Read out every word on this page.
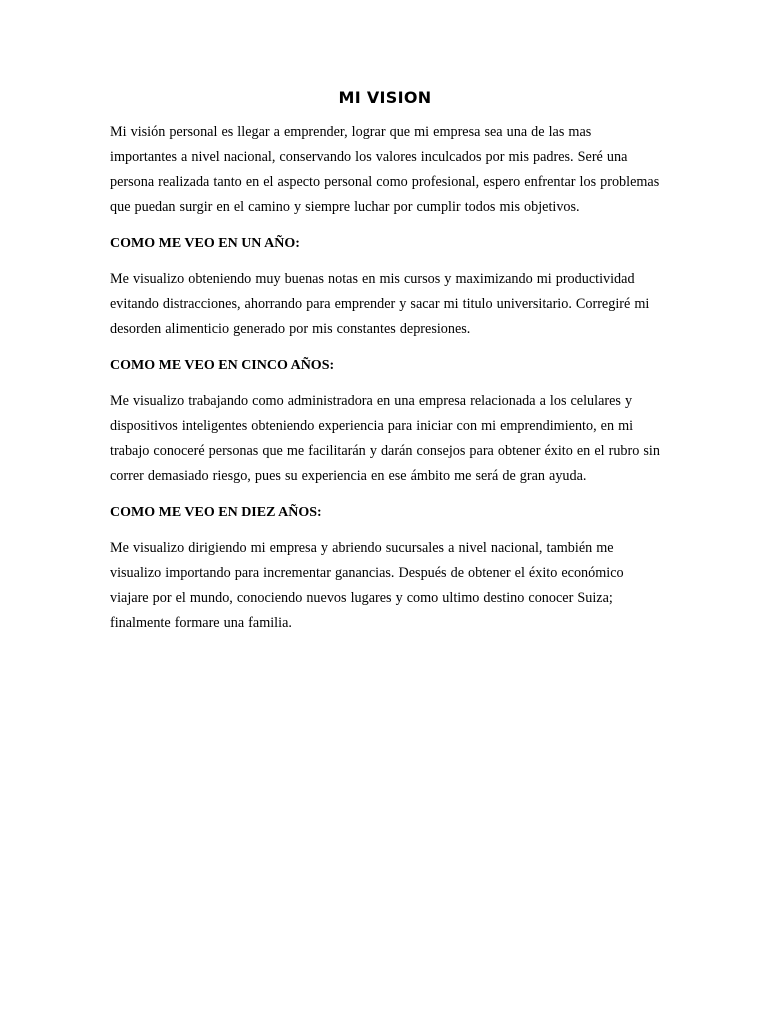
MI VISION

Mi visión personal es llegar a emprender, lograr que mi empresa sea una de las mas importantes a nivel nacional, conservando los valores inculcados por mis padres. Seré una persona realizada tanto en el aspecto personal como profesional, espero enfrentar los problemas que puedan surgir en el camino y siempre luchar por cumplir todos mis objetivos.

COMO ME VEO EN UN AÑO:

Me visualizo obteniendo muy buenas notas en mis cursos y maximizando mi productividad evitando distracciones, ahorrando para emprender y sacar mi titulo universitario. Corregiré mi desorden alimenticio generado por mis constantes depresiones.

COMO ME VEO EN CINCO AÑOS:

Me visualizo trabajando como administradora en una empresa relacionada a los celulares y dispositivos inteligentes obteniendo experiencia para iniciar con mi emprendimiento, en mi trabajo conoceré personas que me facilitarán y darán consejos para obtener éxito en el rubro sin correr demasiado riesgo, pues su experiencia en ese ámbito me será de gran ayuda.

COMO ME VEO EN DIEZ AÑOS:

Me visualizo dirigiendo mi empresa y abriendo sucursales a nivel nacional, también me visualizo importando para incrementar ganancias. Después de obtener el éxito económico viajare por el mundo, conociendo nuevos lugares y como ultimo destino conocer Suiza; finalmente formare una familia.
